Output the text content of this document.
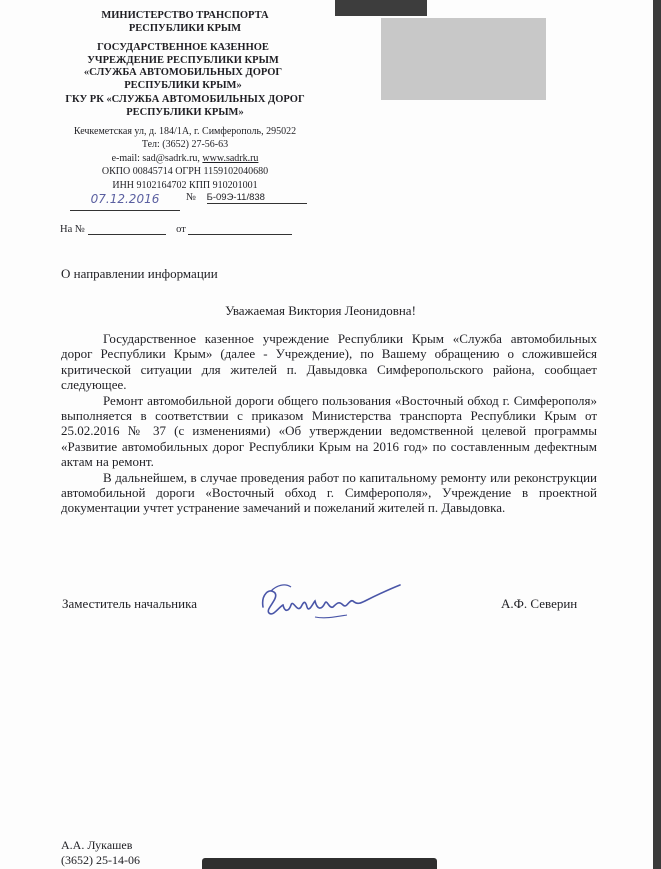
МИНИСТЕРСТВО ТРАНСПОРТА
РЕСПУБЛИКИ КРЫМ
ГОСУДАРСТВЕННОЕ КАЗЕННОЕ
УЧРЕЖДЕНИЕ РЕСПУБЛИКИ КРЫМ
«СЛУЖБА АВТОМОБИЛЬНЫХ ДОРОГ
РЕСПУБЛИКИ КРЫМ»
ГКУ РК «СЛУЖБА АВТОМОБИЛЬНЫХ ДОРОГ
РЕСПУБЛИКИ КРЫМ»
Кечкеметская ул, д. 184/1А, г. Симферополь, 295022
Тел: (3652) 27-56-63
e-mail: sad@sadrk.ru, www.sadrk.ru
ОКПО 00845714 ОГРН 1159102040680
ИНН 9102164702 КПП 910201001
07.12.2016	№ Б-09Э-11/838
На №	от
О направлении информации
Уважаемая Виктория Леонидовна!

Государственное казенное учреждение Республики Крым «Служба автомобильных дорог Республики Крым» (далее - Учреждение), по Вашему обращению о сложившейся критической ситуации для жителей п. Давыдовка Симферопольского района, сообщает следующее.

Ремонт автомобильной дороги общего пользования «Восточный обход г. Симферополя» выполняется в соответствии с приказом Министерства транспорта Республики Крым от 25.02.2016 № 37 (с изменениями) «Об утверждении ведомственной целевой программы «Развитие автомобильных дорог Республики Крым на 2016 год» по составленным дефектным актам на ремонт.

В дальнейшем, в случае проведения работ по капитальному ремонту или реконструкции автомобильной дороги «Восточный обход г. Симферополя», Учреждение в проектной документации учтет устранение замечаний и пожеланий жителей п. Давыдовка.

Заместитель начальника	А.Ф. Северин
А.А. Лукашев
(3652) 25-14-06
